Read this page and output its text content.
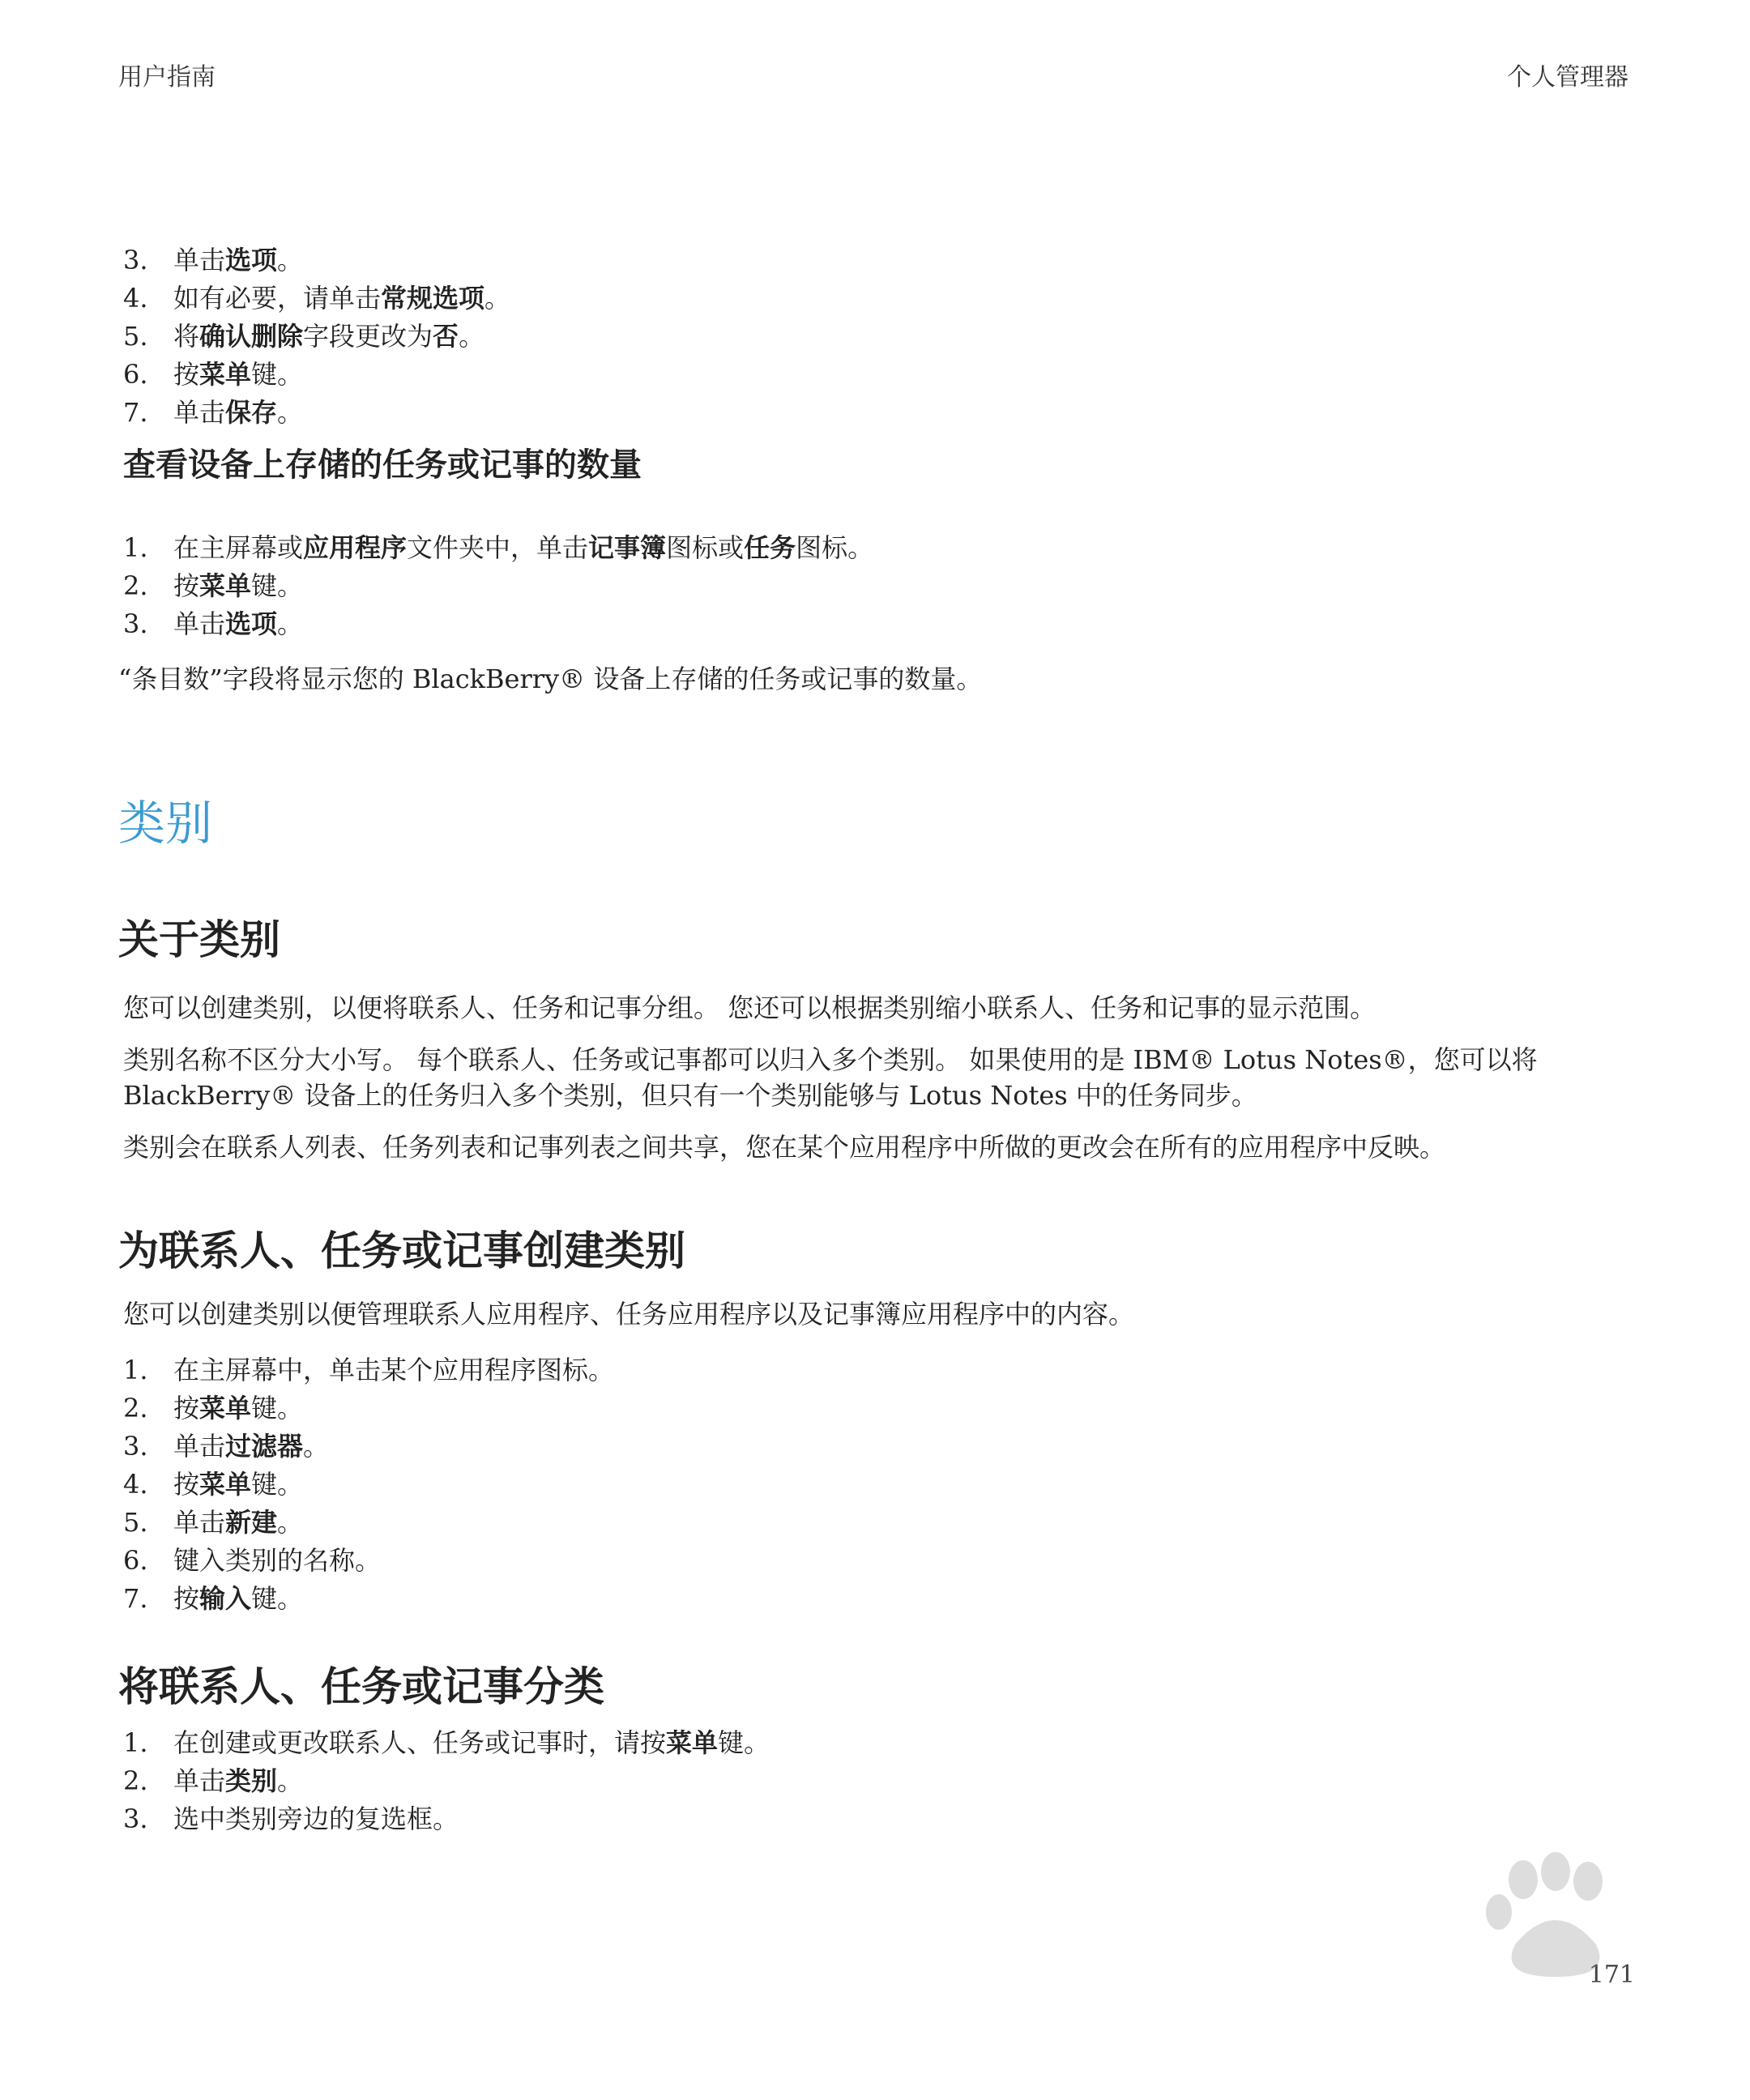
用户指南	个人管理器
3. 单击选项。
4. 如有必要，请单击常规选项。
5. 将确认删除字段更改为否。
6. 按菜单键。
7. 单击保存。
查看设备上存储的任务或记事的数量
1. 在主屏幕或应用程序文件夹中，单击记事簿图标或任务图标。
2. 按菜单键。
3. 单击选项。
“条目数”字段将显示您的 BlackBerry® 设备上存储的任务或记事的数量。
类别
关于类别
您可以创建类别，以便将联系人、任务和记事分组。 您还可以根据类别缩小联系人、任务和记事的显示范围。
类别名称不区分大小写。 每个联系人、任务或记事都可以归入多个类别。 如果使用的是 IBM® Lotus Notes®，您可以将 BlackBerry® 设备上的任务归入多个类别，但只有一个类别能够与 Lotus Notes 中的任务同步。
类别会在联系人列表、任务列表和记事列表之间共享，您在某个应用程序中所做的更改会在所有的应用程序中反映。
为联系人、任务或记事创建类别
您可以创建类别以便管理联系人应用程序、任务应用程序以及记事簿应用程序中的内容。
1. 在主屏幕中，单击某个应用程序图标。
2. 按菜单键。
3. 单击过滤器。
4. 按菜单键。
5. 单击新建。
6. 键入类别的名称。
7. 按输入键。
将联系人、任务或记事分类
1. 在创建或更改联系人、任务或记事时，请按菜单键。
2. 单击类别。
3. 选中类别旁边的复选框。
171
